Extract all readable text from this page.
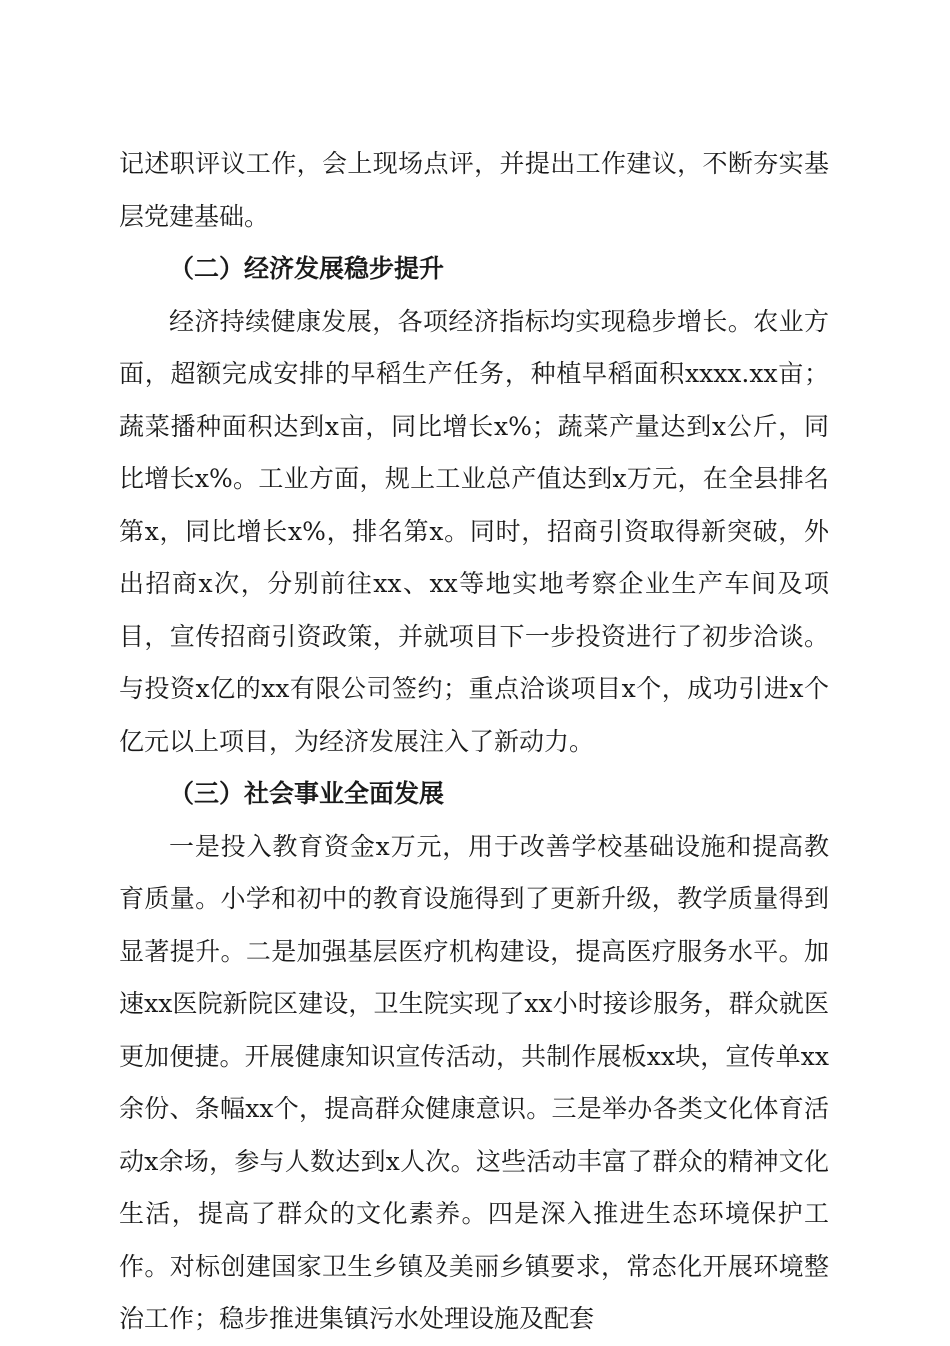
记述职评议工作，会上现场点评，并提出工作建议，不断夯实基层党建基础。

（二）经济发展稳步提升

经济持续健康发展，各项经济指标均实现稳步增长。农业方面，超额完成安排的早稻生产任务，种植早稻面积xxxx.xx亩；蔬菜播种面积达到x亩，同比增长x%；蔬菜产量达到x公斤，同比增长x%。工业方面，规上工业总产值达到x万元，在全县排名第x，同比增长x%，排名第x。同时，招商引资取得新突破，外出招商x次，分别前往xx、xx等地实地考察企业生产车间及项目，宣传招商引资政策，并就项目下一步投资进行了初步洽谈。与投资x亿的xx有限公司签约；重点洽谈项目x个，成功引进x个亿元以上项目，为经济发展注入了新动力。

（三）社会事业全面发展

一是投入教育资金x万元，用于改善学校基础设施和提高教育质量。小学和初中的教育设施得到了更新升级，教学质量得到显著提升。二是加强基层医疗机构建设，提高医疗服务水平。加速xx医院新院区建设，卫生院实现了xx小时接诊服务，群众就医更加便捷。开展健康知识宣传活动，共制作展板xx块，宣传单xx余份、条幅xx个，提高群众健康意识。三是举办各类文化体育活动x余场，参与人数达到x人次。这些活动丰富了群众的精神文化生活，提高了群众的文化素养。四是深入推进生态环境保护工作。对标创建国家卫生乡镇及美丽乡镇要求，常态化开展环境整治工作；稳步推进集镇污水处理设施及配套
